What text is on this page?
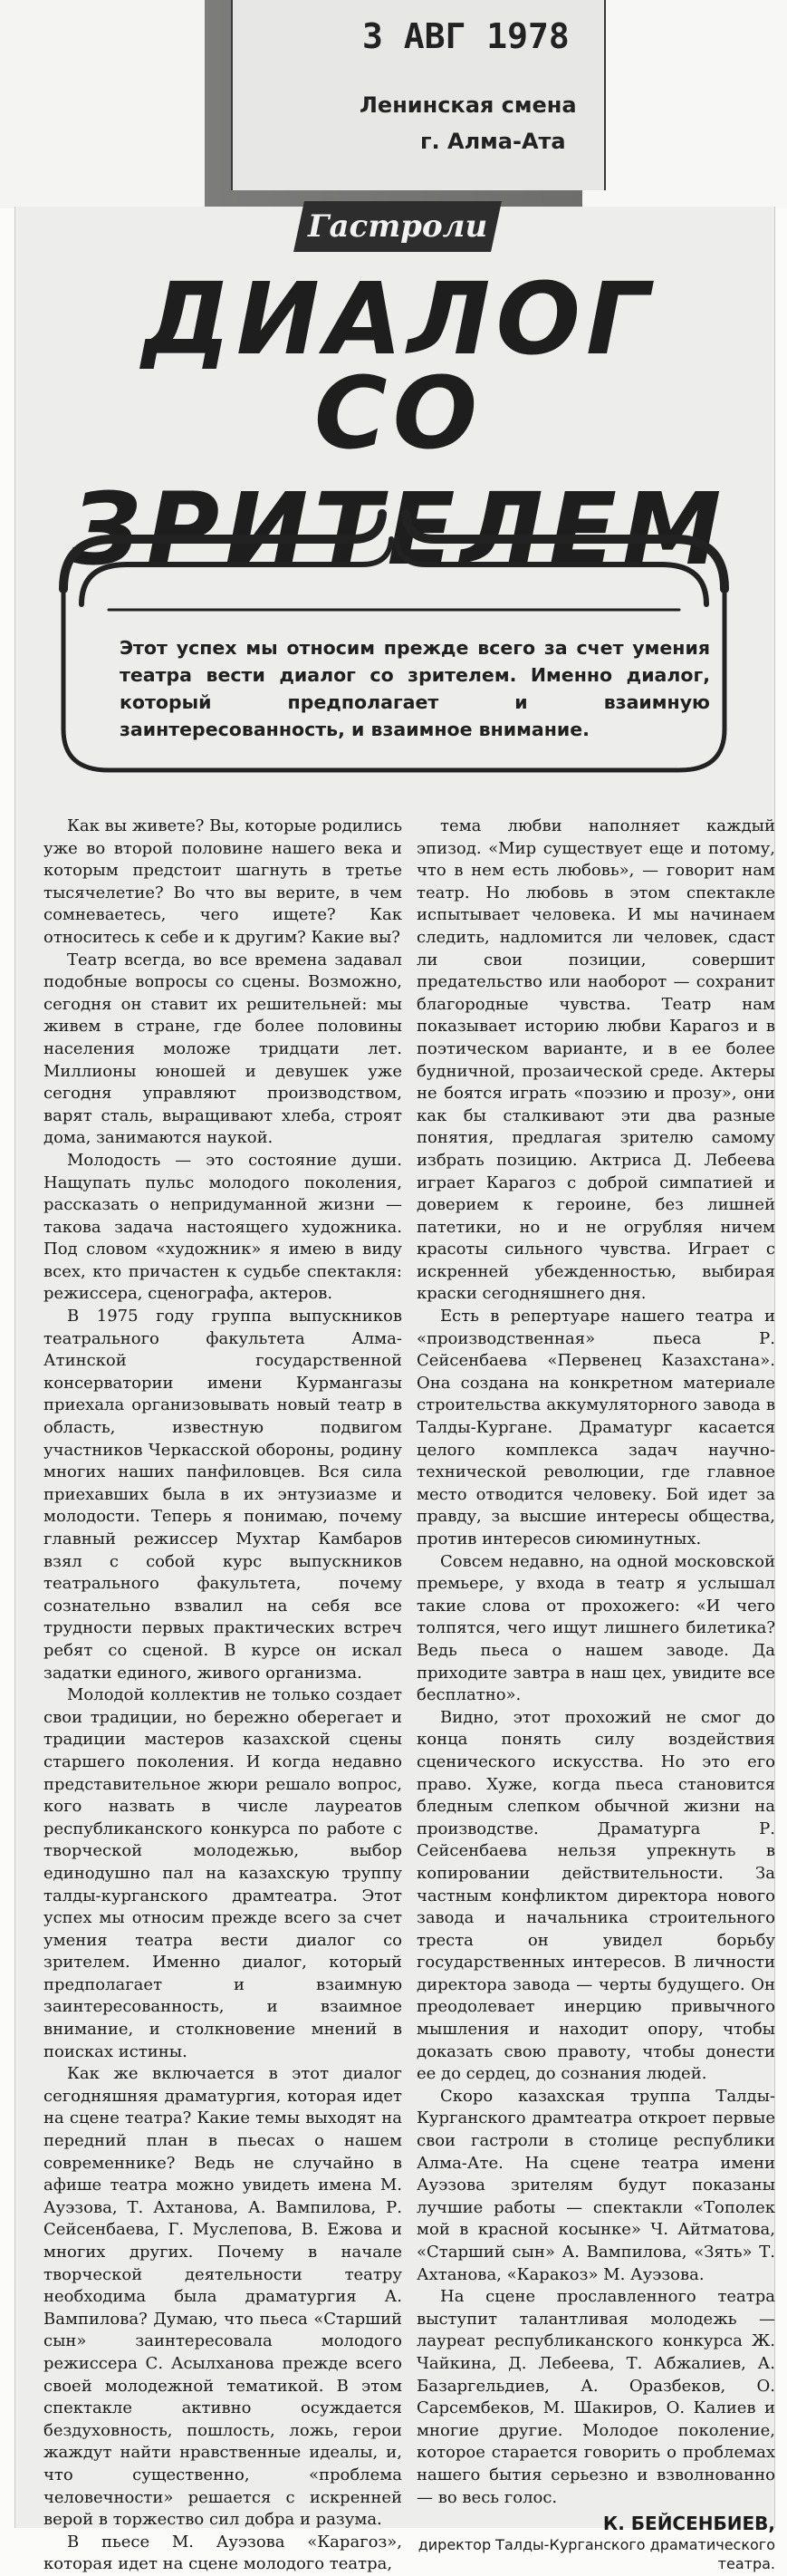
3 АВГ 1978
Ленинская смена
г. Алма-Ата
Гастроли
ДИАЛОГ
СО ЗРИТЕЛЕМ
Этот успех мы относим прежде всего за счет умения театра вести диалог со зрителем. Именно диалог, который предполагает и взаимную заинтересованность, и взаимное внимание.

Как вы живете? Вы, которые родились уже во второй половине нашего века и которым предстоит шагнуть в третье тысячелетие? Во что вы верите, в чем сомневаетесь, чего ищете? Как относитесь к себе и к другим? Какие вы?

Театр всегда, во все времена задавал подобные вопросы со сцены. Возможно, сегодня он ставит их решительней: мы живем в стране, где более половины населения моложе тридцати лет. Миллионы юношей и девушек уже сегодня управляют производством, варят сталь, выращивают хлеба, строят дома, занимаются наукой.

Молодость — это состояние души. Нащупать пульс молодого поколения, рассказать о непридуманной жизни — такова задача настоящего художника. Под словом «художник» я имею в виду всех, кто причастен к судьбе спектакля: режиссера, сценографа, актеров.

В 1975 году группа выпускников театрального факультета Алма-Атинской государственной консерватории имени Курмангазы приехала организовывать новый театр в область, известную подвигом участников Черкасской обороны, родину многих наших панфиловцев. Вся сила приехавших была в их энтузиазме и молодости. Теперь я понимаю, почему главный режиссер Мухтар Камбаров взял с собой курс выпускников театрального факультета, почему сознательно взвалил на себя все трудности первых практических встреч ребят со сценой. В курсе он искал задатки единого, живого организма.

Молодой коллектив не только создает свои традиции, но бережно оберегает и традиции мастеров казахской сцены старшего поколения. И когда недавно представительное жюри решало вопрос, кого назвать в числе лауреатов республиканского конкурса по работе с творческой молодежью, выбор единодушно пал на казахскую труппу талды-курганского драмтеатра. Этот успех мы относим прежде всего за счет умения театра вести диалог со зрителем. Именно диалог, который предполагает и взаимную заинтересованность, и взаимное внимание, и столкновение мнений в поисках истины.

Как же включается в этот диалог сегодняшняя драматургия, которая идет на сцене театра? Какие темы выходят на передний план в пьесах о нашем современнике? Ведь не случайно в афише театра можно увидеть имена М. Ауэзова, Т. Ахтанова, А. Вампилова, Р. Сейсенбаева, Г. Муслепова, В. Ежова и многих других. Почему в начале творческой деятельности театру необходима была драматургия А. Вампилова? Думаю, что пьеса «Старший сын» заинтересовала молодого режиссера С. Асылханова прежде всего своей молодежной тематикой. В этом спектакле активно осуждается бездуховность, пошлость, ложь, герои жаждут найти нравственные идеалы, и, что существенно, «проблема человечности» решается с искренней верой в торжество сил добра и разума.

В пьесе М. Ауэзова «Карагоз», которая идет на сцене молодого театра,

тема любви наполняет каждый эпизод. «Мир существует еще и потому, что в нем есть любовь», — говорит нам театр. Но любовь в этом спектакле испытывает человека. И мы начинаем следить, надломится ли человек, сдаст ли свои позиции, совершит предательство или наоборот — сохранит благородные чувства. Театр нам показывает историю любви Карагоз и в поэтическом варианте, и в ее более будничной, прозаической среде. Актеры не боятся играть «поэзию и прозу», они как бы сталкивают эти два разные понятия, предлагая зрителю самому избрать позицию. Актриса Д. Лебеева играет Карагоз с доброй симпатией и доверием к героине, без лишней патетики, но и не огрубляя ничем красоты сильного чувства. Играет с искренней убежденностью, выбирая краски сегодняшнего дня.

Есть в репертуаре нашего театра и «производственная» пьеса Р. Сейсенбаева «Первенец Казахстана». Она создана на конкретном материале строительства аккумуляторного завода в Талды-Кургане. Драматург касается целого комплекса задач научно-технической революции, где главное место отводится человеку. Бой идет за правду, за высшие интересы общества, против интересов сиюминутных.

Совсем недавно, на одной московской премьере, у входа в театр я услышал такие слова от прохожего: «И чего толпятся, чего ищут лишнего билетика? Ведь пьеса о нашем заводе. Да приходите завтра в наш цех, увидите все бесплатно».

Видно, этот прохожий не смог до конца понять силу воздействия сценического искусства. Но это его право. Хуже, когда пьеса становится бледным слепком обычной жизни на производстве. Драматурга Р. Сейсенбаева нельзя упрекнуть в копировании действительности. За частным конфликтом директора нового завода и начальника строительного треста он увидел борьбу государственных интересов. В личности директора завода — черты будущего. Он преодолевает инерцию привычного мышления и находит опору, чтобы доказать свою правоту, чтобы донести ее до сердец, до сознания людей.

Скоро казахская труппа Талды-Курганского драмтеатра откроет первые свои гастроли в столице республики Алма-Ате. На сцене театра имени Ауэзова зрителям будут показаны лучшие работы — спектакли «Тополек мой в красной косынке» Ч. Айтматова, «Старший сын» А. Вампилова, «Зять» Т. Ахтанова, «Каракоз» М. Ауэзова.

На сцене прославленного театра выступит талантливая молодежь — лауреат республиканского конкурса Ж. Чайкина, Д. Лебеева, Т. Абжалиев, А. Базаргельдиев, А. Оразбеков, О. Сарсембеков, М. Шакиров, О. Калиев и многие другие. Молодое поколение, которое старается говорить о проблемах нашего бытия серьезно и взволнованно — во весь голос.

К. БЕЙСЕНБИЕВ,
директор Талды-Курганского драматического театра.
